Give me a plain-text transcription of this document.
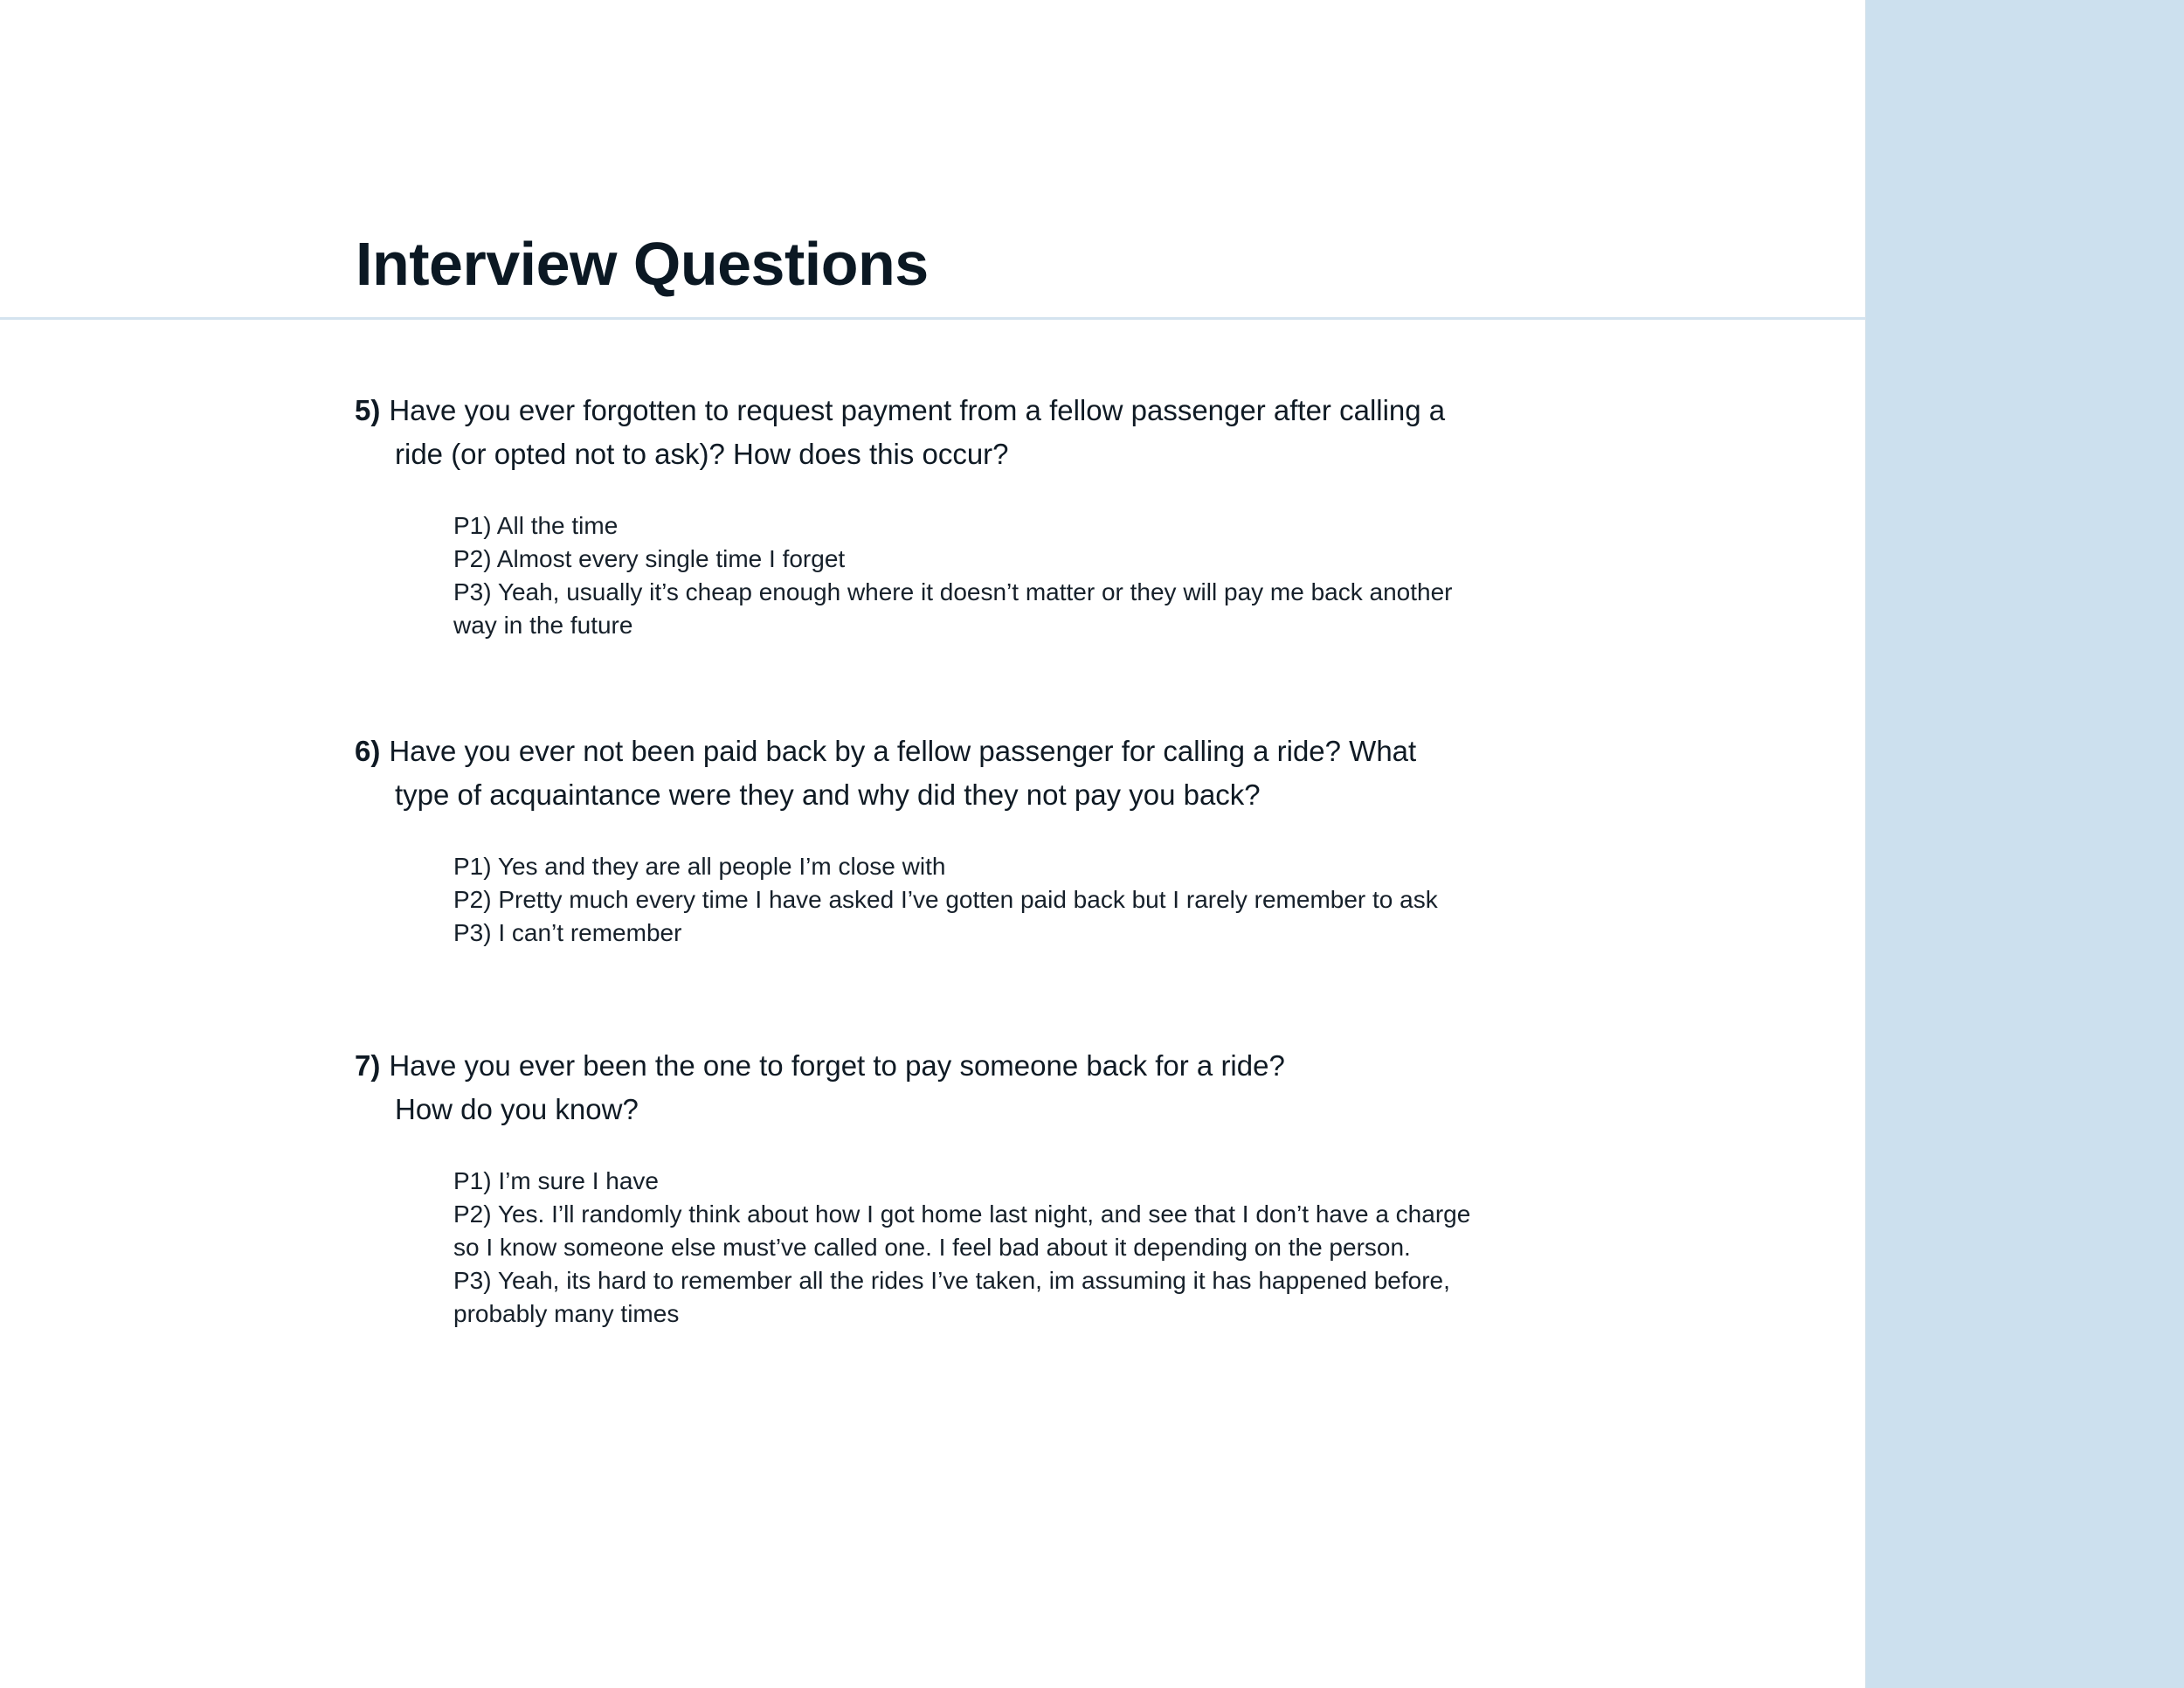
Interview Questions
5) Have you ever forgotten to request payment from a fellow passenger after calling a
ride (or opted not to ask)? How does this occur?
P1) All the time
P2) Almost every single time I forget
P3) Yeah, usually it’s cheap enough where it doesn’t matter or they will pay me back another
way in the future
6) Have you ever not been paid back by a fellow passenger for calling a ride? What
type of acquaintance were they and why did they not pay you back?
P1) Yes and they are all people I’m close with
P2) Pretty much every time I have asked I’ve gotten paid back but I rarely remember to ask
P3) I can’t remember
7) Have you ever been the one to forget to pay someone back for a ride?
How do you know?
P1) I’m sure I have
P2) Yes. I’ll randomly think about how I got home last night, and see that I don’t have a charge
so I know someone else must’ve called one. I feel bad about it depending on the person.
P3) Yeah, its hard to remember all the rides I’ve taken, im assuming it has happened before,
probably many times
